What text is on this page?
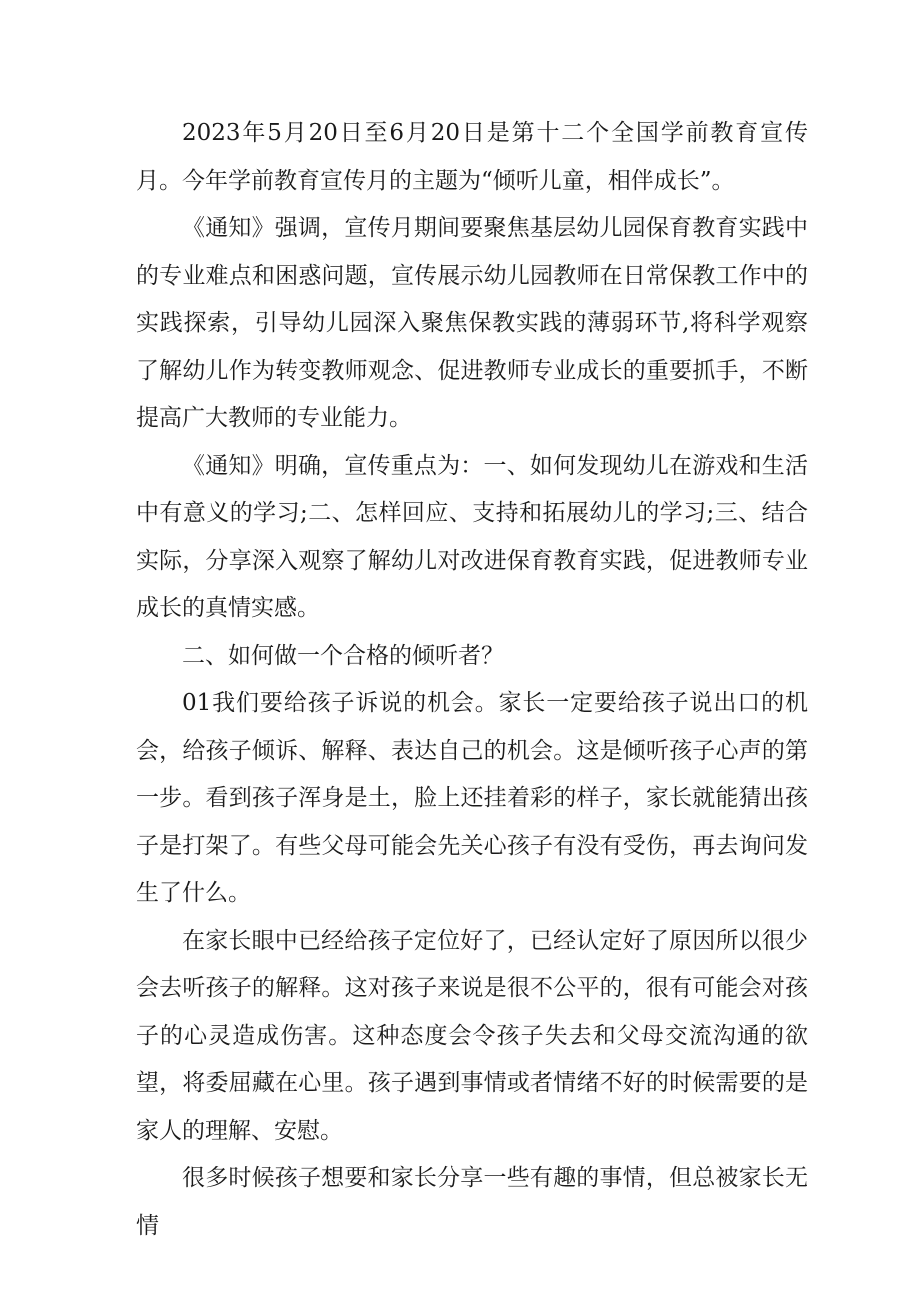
2023年5月20日至6月20日是第十二个全国学前教育宣传月。今年学前教育宣传月的主题为“倾听儿童，相伴成长”。

《通知》强调，宣传月期间要聚焦基层幼儿园保育教育实践中的专业难点和困惑问题，宣传展示幼儿园教师在日常保教工作中的实践探索，引导幼儿园深入聚焦保教实践的薄弱环节,将科学观察了解幼儿作为转变教师观念、促进教师专业成长的重要抓手，不断提高广大教师的专业能力。

《通知》明确，宣传重点为：一、如何发现幼儿在游戏和生活中有意义的学习;二、怎样回应、支持和拓展幼儿的学习;三、结合实际，分享深入观察了解幼儿对改进保育教育实践，促进教师专业成长的真情实感。

二、如何做一个合格的倾听者？

01我们要给孩子诉说的机会。家长一定要给孩子说出口的机会，给孩子倾诉、解释、表达自己的机会。这是倾听孩子心声的第一步。看到孩子浑身是土，脸上还挂着彩的样子，家长就能猜出孩子是打架了。有些父母可能会先关心孩子有没有受伤，再去询问发生了什么。

在家长眼中已经给孩子定位好了，已经认定好了原因所以很少会去听孩子的解释。这对孩子来说是很不公平的，很有可能会对孩子的心灵造成伤害。这种态度会令孩子失去和父母交流沟通的欲望，将委屈藏在心里。孩子遇到事情或者情绪不好的时候需要的是家人的理解、安慰。

很多时候孩子想要和家长分享一些有趣的事情，但总被家长无情
